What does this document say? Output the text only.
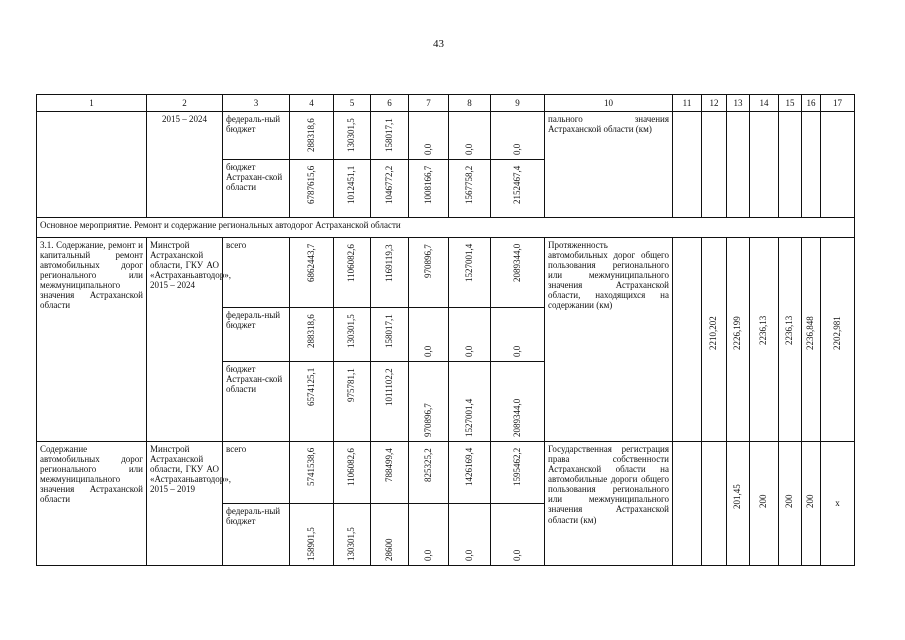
43
1	2	3	4	5	6	7	8	9	10	11	12	13	14	15	16	17
	2015 – 2024	федераль-ный бюджет	288318,6	130301,5	158017,1	0,0	0,0	0,0	пального значения Астраханской области (км)							
		бюджет Астрахан-ской области	6787615,6	1012451,1	1046772,2	1008166,7	1567758,2	2152467,4								

Основное мероприятие. Ремонт и содержание региональных автодорог Астраханской области																
3.1. Содержание, ремонт и капитальный ремонт автомобильных дорог регионального или межмуниципального значения Астраханской области	Минстрой Астраханской области, ГКУ АО «Астраханьавтодор», 2015 – 2024	всего	6862443,7	1106082,6	1169119,3	970896,7	1527001,4	2089344,0	Протяженность автомобильных дорог общего пользования регионального или межмуниципального значения Астраханской области, находящихся на содержании (км)		2210,202	2226,199	2236,13	2236,13	2236,848	2202,981

		федераль-ный бюджет	288318,6	130301,5	158017,1	0,0	0,0	0,0								

		бюджет Астрахан-ской области	6574125,1	975781,1	1011102,2	970896,7	1527001,4	2089344,0								

Содержание автомобильных дорог регионального или межмуниципального значения Астраханской области	Минстрой Астраханской области, ГКУ АО «Астраханьавтодор», 2015 – 2019	всего	5741538,6	1106082,6	788499,4	825325,2	1426169,4	1595462,2	Государственная регистрация права собственности Астраханской области на автомобильные дороги общего пользования регионального или межмуниципального значения Астраханской области (км)			201,45	200	200	200	х

		федераль-ный бюджет	158901,5	130301,5	28600	0,0	0,0	0,0								
